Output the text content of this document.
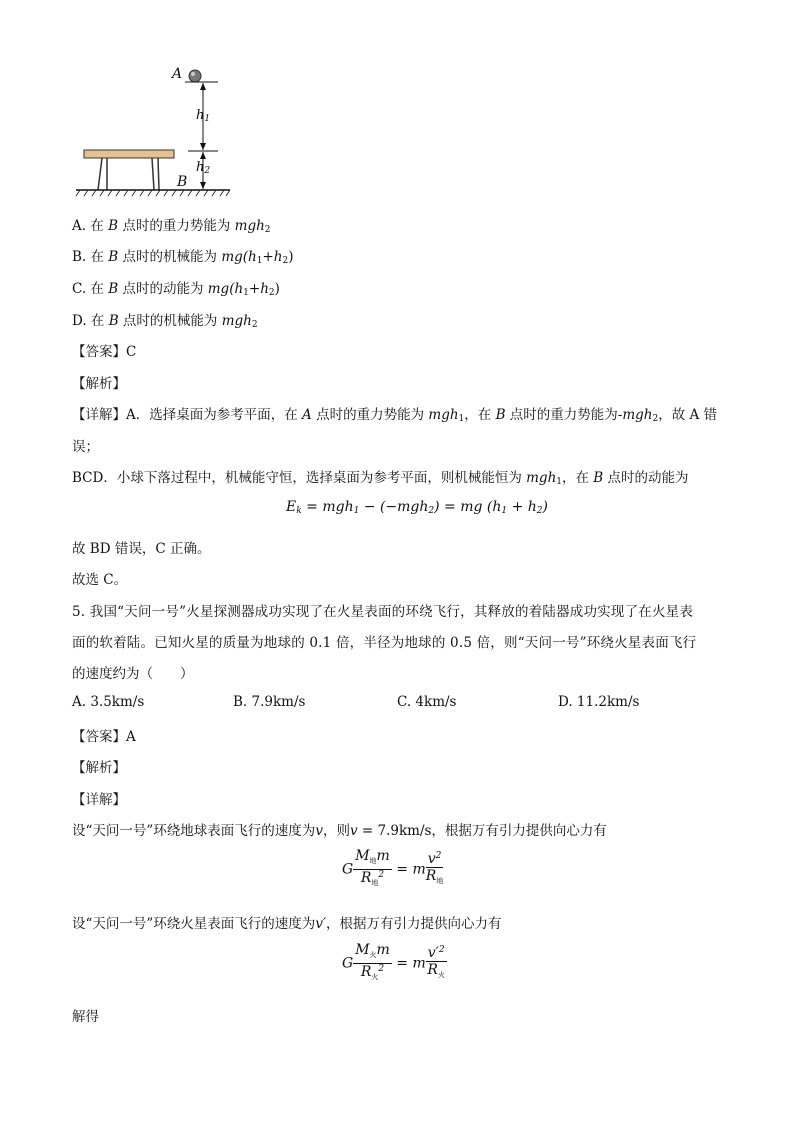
A
B
$h_1$
$h_2$
A. 在 B 点时的重力势能为 mgh$_2$
B. 在 B 点时的机械能为 $mg(h_1+h_2)$
C. 在 B 点时的动能为 $mg(h_1+h_2)$
D. 在 B 点时的机械能为 mgh$_2$
【答案】C
【解析】
【详解】A．选择桌面为参考平面，在 A 点时的重力势能为 mgh$_1$，在 B 点时的重力势能为-mgh$_2$，故 A 错
误；
BCD．小球下落过程中，机械能守恒，选择桌面为参考平面，则机械能恒为 mgh$_1$，在 B 点时的动能为
$E_k = mgh_1 - (-mgh_2)$ = mg $(h_1 + h_2)$
故 BD 错误，C 正确。
故选 C。
5. 我国“天问一号”火星探测器成功实现了在火星表面的环绕飞行，其释放的着陆器成功实现了在火星表
面的软着陆。已知火星的质量为地球的 0.1 倍，半径为地球的 0.5 倍，则“天问一号”环绕火星表面飞行
的速度约为（　　）
A. 3.5km/s	B. 7.9km/s	C. 4km/s	D. 11.2km/s
【答案】A
【解析】
【详解】
设“天问一号”环绕地球表面飞行的速度为v，则v = 7.9km/s，根据万有引力提供向心力有
G $\frac{M_地m}{R_地^2} = m \frac{v^2}{R_地}$
设“天问一号”环绕火星表面飞行的速度为v′，根据万有引力提供向心力有
G $\frac{M_火m}{R_火^2} = m \frac{v'^2}{R_火}$
解得
